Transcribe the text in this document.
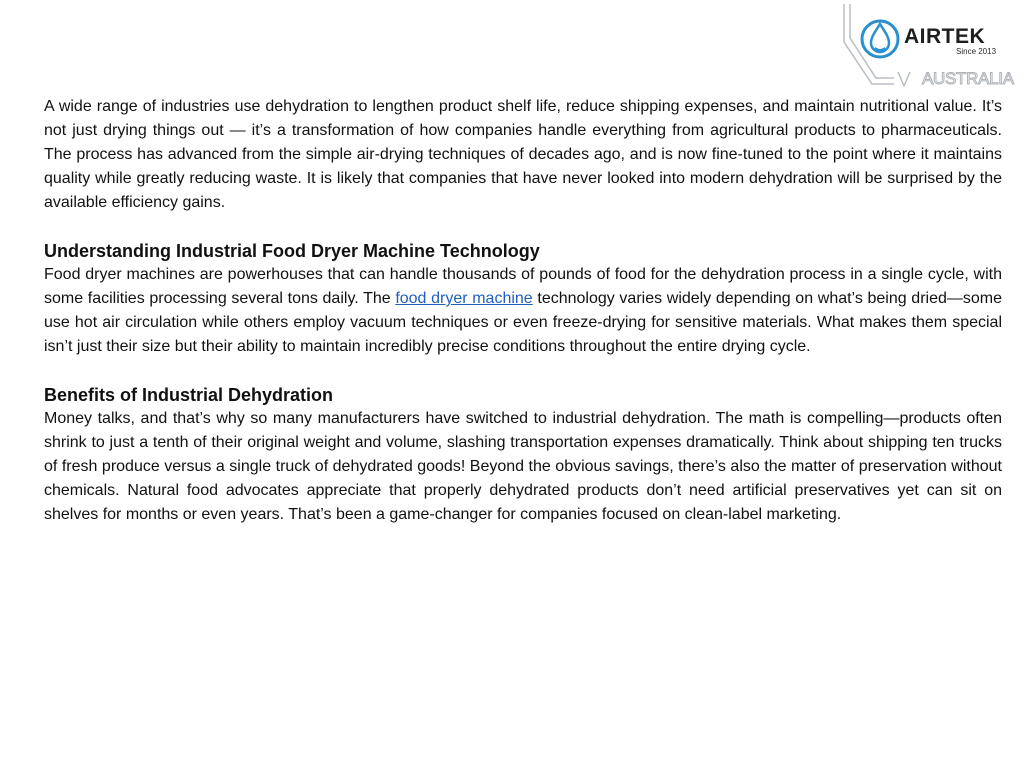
AIRTEK
Since 2013
AUSTRALIA

A wide range of industries use dehydration to lengthen product shelf life, reduce shipping expenses, and maintain nutritional value. It’s not just drying things out — it’s a transformation of how companies handle everything from agricultural products to pharmaceuticals. The process has advanced from the simple air-drying techniques of decades ago, and is now fine-tuned to the point where it maintains quality while greatly reducing waste. It is likely that companies that have never looked into modern dehydration will be surprised by the available efficiency gains.

Understanding Industrial Food Dryer Machine Technology

Food dryer machines are powerhouses that can handle thousands of pounds of food for the dehydration process in a single cycle, with some facilities processing several tons daily. The food dryer machine technology varies widely depending on what’s being dried—some use hot air circulation while others employ vacuum techniques or even freeze-drying for sensitive materials. What makes them special isn’t just their size but their ability to maintain incredibly precise conditions throughout the entire drying cycle.

Benefits of Industrial Dehydration

Money talks, and that’s why so many manufacturers have switched to industrial dehydration. The math is compelling—products often shrink to just a tenth of their original weight and volume, slashing transportation expenses dramatically. Think about shipping ten trucks of fresh produce versus a single truck of dehydrated goods! Beyond the obvious savings, there’s also the matter of preservation without chemicals. Natural food advocates appreciate that properly dehydrated products don’t need artificial preservatives yet can sit on shelves for months or even years. That’s been a game-changer for companies focused on clean-label marketing.
